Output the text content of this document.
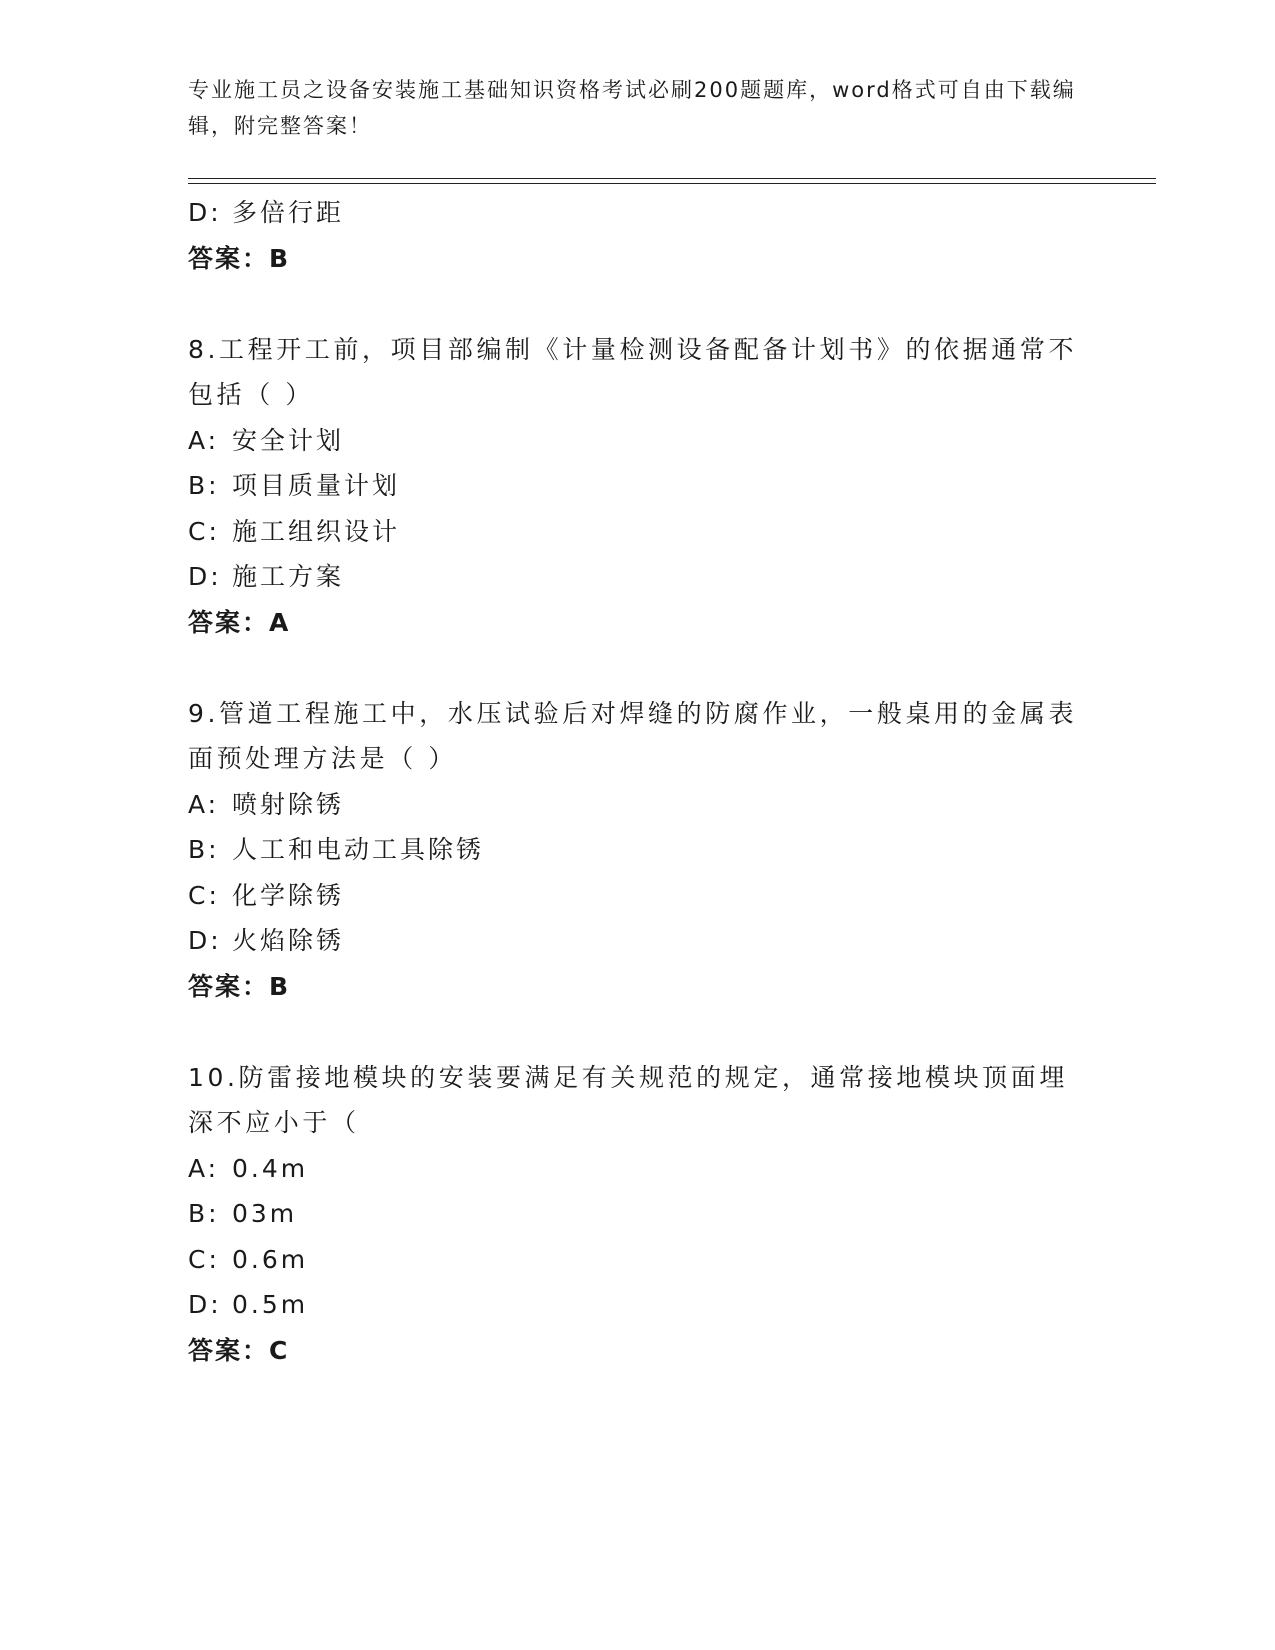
专业施工员之设备安装施工基础知识资格考试必刷200题题库，word格式可自由下载编辑，附完整答案！
D: 多倍行距
答案：B
8.工程开工前，项目部编制《计量检测设备配备计划书》的依据通常不包括（ ）
A: 安全计划
B: 项目质量计划
C: 施工组织设计
D: 施工方案
答案：A
9.管道工程施工中，水压试验后对焊缝的防腐作业，一般桌用的金属表面预处理方法是（ ）
A: 喷射除锈
B: 人工和电动工具除锈
C: 化学除锈
D: 火焰除锈
答案：B
10.防雷接地模块的安装要满足有关规范的规定，通常接地模块顶面埋深不应小于（
A: 0.4m
B: 03m
C: 0.6m
D: 0.5m
答案：C
